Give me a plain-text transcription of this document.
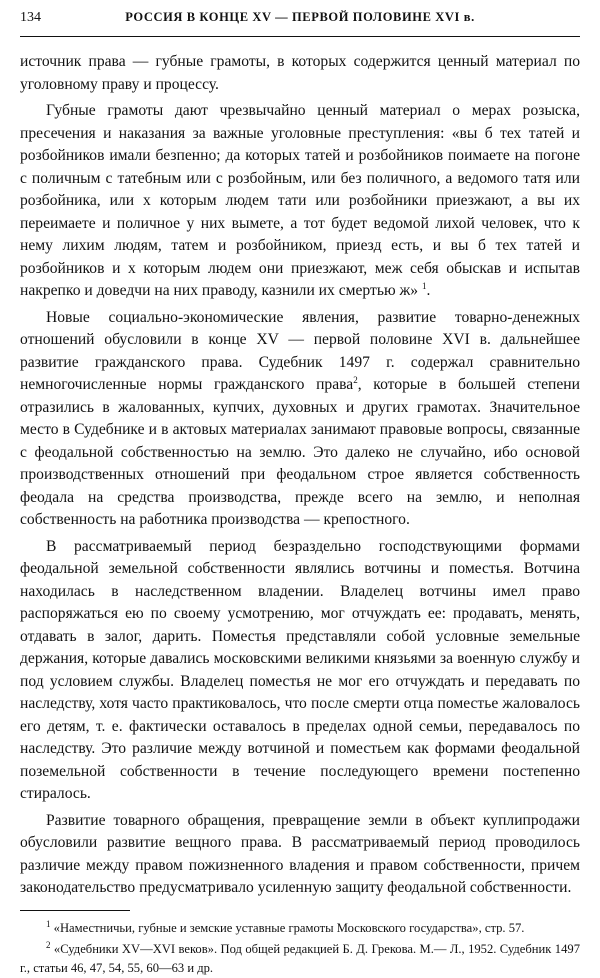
134	РОССИЯ В КОНЦЕ XV — ПЕРВОЙ ПОЛОВИНЕ XVI в.

источник права — губные грамоты, в которых содержится ценный материал по уголовному праву и процессу.

Губные грамоты дают чрезвычайно ценный материал о мерах розыска, пресечения и наказания за важные уголовные преступления: «вы б тех татей и розбойников имали безпенно; да которых татей и розбойников поимаете на погоне с поличным с татебным или с розбойным, или без поличного, а ведомого татя или розбойника, или х которым людем тати или розбойники приезжают, а вы их переимаете и поличное у них вымете, а тот будет ведомой лихой человек, что к нему лихим людям, татем и розбойником, приезд есть, и вы б тех татей и розбойников и х которым людем они приезжают, меж себя обыскав и испытав накрепко и доведчи на них праводу, казнили их смертью ж» $^1$.

Новые социально-экономические явления, развитие товарно-денежных отношений обусловили в конце XV — первой половине XVI в. дальнейшее развитие гражданского права. Судебник 1497 г. содержал сравнительно немногочисленные нормы гражданского права$^2$, которые в большей степени отразились в жалованных, купчих, духовных и других грамотах. Значительное место в Судебнике и в актовых материалах занимают правовые вопросы, связанные с феодальной собственностью на землю. Это далеко не случайно, ибо основой производственных отношений при феодальном строе является собственность феодала на средства производства, прежде всего на землю, и неполная собственность на работника производства — крепостного.

В рассматриваемый период безраздельно господствующими формами феодальной земельной собственности являлись вотчины и поместья. Вотчина находилась в наследственном владении. Владелец вотчины имел право распоряжаться ею по своему усмотрению, мог отчуждать ее: продавать, менять, отдавать в залог, дарить. Поместья представляли собой условные земельные держания, которые давались московскими великими князьями за военную службу и под условием службы. Владелец поместья не мог его отчуждать и передавать по наследству, хотя часто практиковалось, что после смерти отца поместье жаловалось его детям, т. е. фактически оставалось в пределах одной семьи, передавалось по наследству. Это различие между вотчиной и поместьем как формами феодальной поземельной собственности в течение последующего времени постепенно стиралось.

Развитие товарного обращения, превращение земли в объект куплипродажи обусловили развитие вещного права. В рассматриваемый период проводилось различие между правом пожизненного владения и правом собственности, причем законодательство предусматривало усиленную защиту феодальной собственности.

$^1$ «Наместничьи, губные и земские уставные грамоты Московского государства», стр. 57.

$^2$ «Судебники XV—XVI веков». Под общей редакцией Б. Д. Грекова. М.— Л., 1952. Судебник 1497 г., статьи 46, 47, 54, 55, 60—63 и др.
